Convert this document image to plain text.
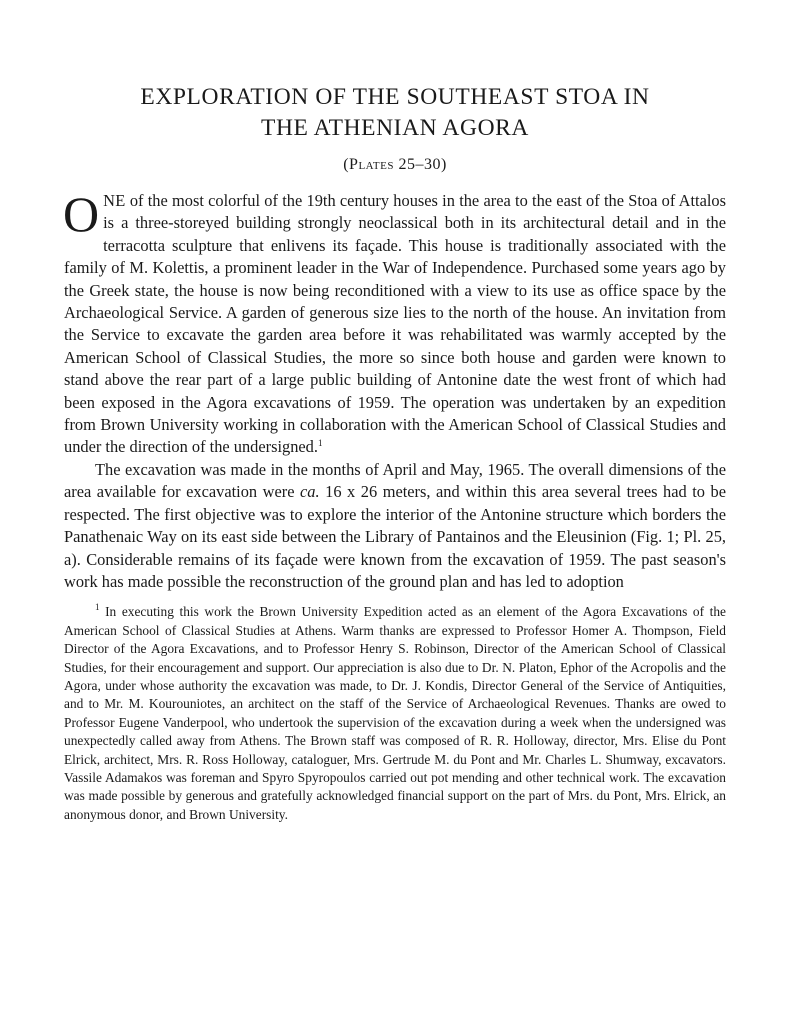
EXPLORATION OF THE SOUTHEAST STOA IN
THE ATHENIAN AGORA
(Plates 25–30)

ONE of the most colorful of the 19th century houses in the area to the east of the Stoa of Attalos is a three-storeyed building strongly neoclassical both in its architectural detail and in the terracotta sculpture that enlivens its façade. This house is traditionally associated with the family of M. Kolettis, a prominent leader in the War of Independence. Purchased some years ago by the Greek state, the house is now being reconditioned with a view to its use as office space by the Archaeological Service. A garden of generous size lies to the north of the house. An invitation from the Service to excavate the garden area before it was rehabilitated was warmly accepted by the American School of Classical Studies, the more so since both house and garden were known to stand above the rear part of a large public building of Antonine date the west front of which had been exposed in the Agora excavations of 1959. The operation was undertaken by an expedition from Brown University working in collaboration with the American School of Classical Studies and under the direction of the undersigned.$^1$

The excavation was made in the months of April and May, 1965. The overall dimensions of the area available for excavation were ca. 16 x 26 meters, and within this area several trees had to be respected. The first objective was to explore the interior of the Antonine structure which borders the Panathenaic Way on its east side between the Library of Pantainos and the Eleusinion (Fig. 1; Pl. 25, a). Considerable remains of its façade were known from the excavation of 1959. The past season's work has made possible the reconstruction of the ground plan and has led to adoption

$^1$ In executing this work the Brown University Expedition acted as an element of the Agora Excavations of the American School of Classical Studies at Athens. Warm thanks are expressed to Professor Homer A. Thompson, Field Director of the Agora Excavations, and to Professor Henry S. Robinson, Director of the American School of Classical Studies, for their encouragement and support. Our appreciation is also due to Dr. N. Platon, Ephor of the Acropolis and the Agora, under whose authority the excavation was made, to Dr. J. Kondis, Director General of the Service of Antiquities, and to Mr. M. Kourouniotes, an architect on the staff of the Service of Archaeological Revenues. Thanks are owed to Professor Eugene Vanderpool, who undertook the supervision of the excavation during a week when the undersigned was unexpectedly called away from Athens. The Brown staff was composed of R. R. Holloway, director, Mrs. Elise du Pont Elrick, architect, Mrs. R. Ross Holloway, cataloguer, Mrs. Gertrude M. du Pont and Mr. Charles L. Shumway, excavators. Vassile Adamakos was foreman and Spyro Spyropoulos carried out pot mending and other technical work. The excavation was made possible by generous and gratefully acknowledged financial support on the part of Mrs. du Pont, Mrs. Elrick, an anonymous donor, and Brown University.
